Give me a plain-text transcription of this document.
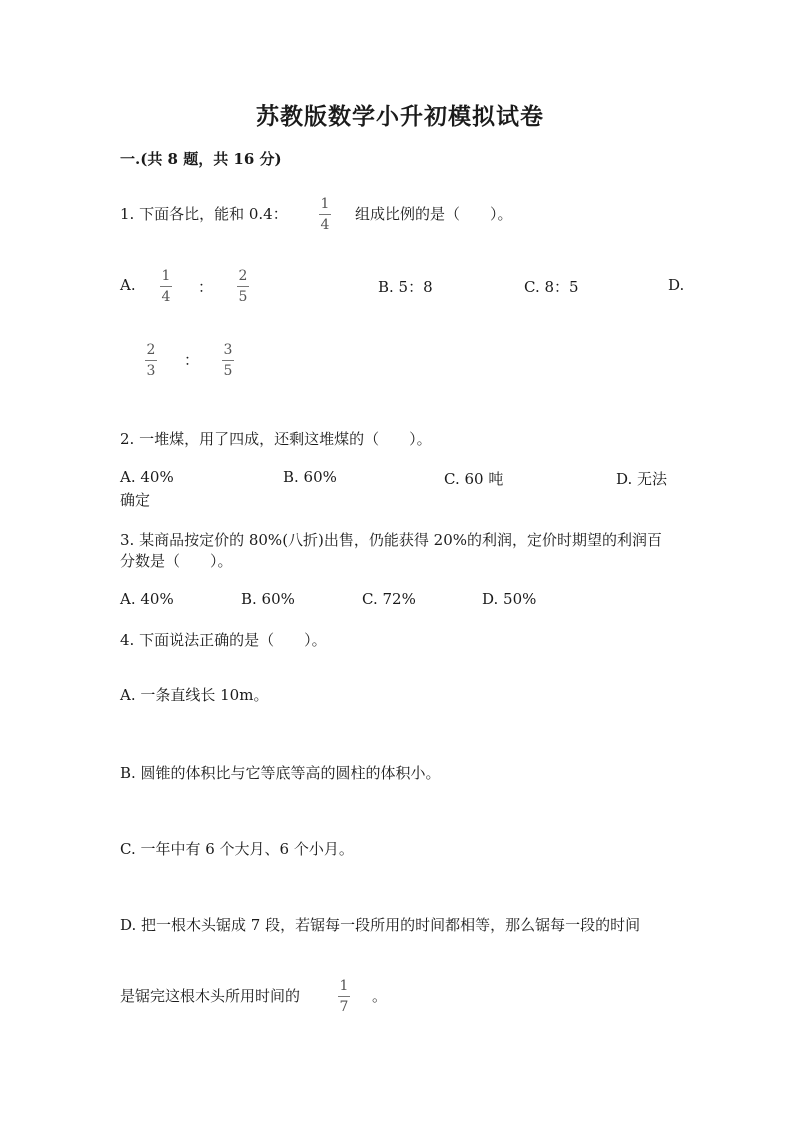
苏教版数学小升初模拟试卷
一.(共 8 题，共 16 分)
1. 下面各比，能和 0.4：
1
4
组成比例的是（　　）。
A. 1
4
：
2
5
B. 5：8	C. 8：5	D.
2
3
：
3
5
2. 一堆煤，用了四成，还剩这堆煤的（　　）。
A. 40%	B. 60%	C. 60 吨	D. 无法
确定
3. 某商品按定价的 80%(八折)出售，仍能获得 20%的利润，定价时期望的利润百
分数是（　　）。
A. 40%	B. 60%	C. 72%	D. 50%
4. 下面说法正确的是（　　）。
A. 一条直线长 10m。
B. 圆锥的体积比与它等底等高的圆柱的体积小。
C. 一年中有 6 个大月、6 个小月。
D. 把一根木头锯成 7 段，若锯每一段所用的时间都相等，那么锯每一段的时间
是锯完这根木头所用时间的
1
7
。
